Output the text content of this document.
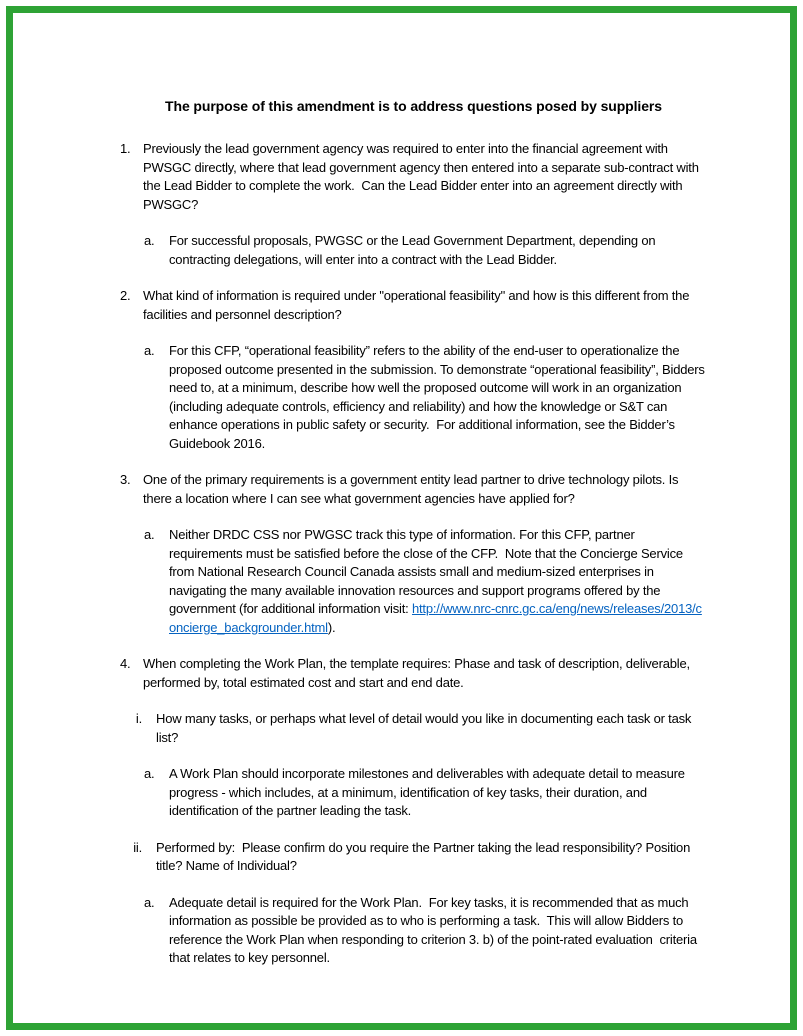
The purpose of this amendment is to address questions posed by suppliers
1. Previously the lead government agency was required to enter into the financial agreement with PWSGC directly, where that lead government agency then entered into a separate sub-contract with the Lead Bidder to complete the work.  Can the Lead Bidder enter into an agreement directly with PWSGC?
a.	For successful proposals, PWGSC or the Lead Government Department, depending on contracting delegations, will enter into a contract with the Lead Bidder.
2. What kind of information is required under "operational feasibility" and how is this different from the facilities and personnel description?
a.	For this CFP, “operational feasibility” refers to the ability of the end-user to operationalize the proposed outcome presented in the submission. To demonstrate “operational feasibility”, Bidders need to, at a minimum, describe how well the proposed outcome will work in an organization (including adequate controls, efficiency and reliability) and how the knowledge or S&T can enhance operations in public safety or security.  For additional information, see the Bidder’s Guidebook 2016.
3. One of the primary requirements is a government entity lead partner to drive technology pilots. Is there a location where I can see what government agencies have applied for?
a.	Neither DRDC CSS nor PWGSC track this type of information. For this CFP, partner requirements must be satisfied before the close of the CFP.  Note that the Concierge Service from National Research Council Canada assists small and medium-sized enterprises in navigating the many available innovation resources and support programs offered by the government (for additional information visit: http://www.nrc-cnrc.gc.ca/eng/news/releases/2013/concierge_backgrounder.html).
4. When completing the Work Plan, the template requires: Phase and task of description, deliverable, performed by, total estimated cost and start and end date.
i.	How many tasks, or perhaps what level of detail would you like in documenting each task or task list?
a.	A Work Plan should incorporate milestones and deliverables with adequate detail to measure progress - which includes, at a minimum, identification of key tasks, their duration, and identification of the partner leading the task.
ii.	Performed by:  Please confirm do you require the Partner taking the lead responsibility? Position title? Name of Individual?
a.	Adequate detail is required for the Work Plan.  For key tasks, it is recommended that as much information as possible be provided as to who is performing a task.  This will allow Bidders to reference the Work Plan when responding to criterion 3. b) of the point-rated evaluation  criteria that relates to key personnel.
